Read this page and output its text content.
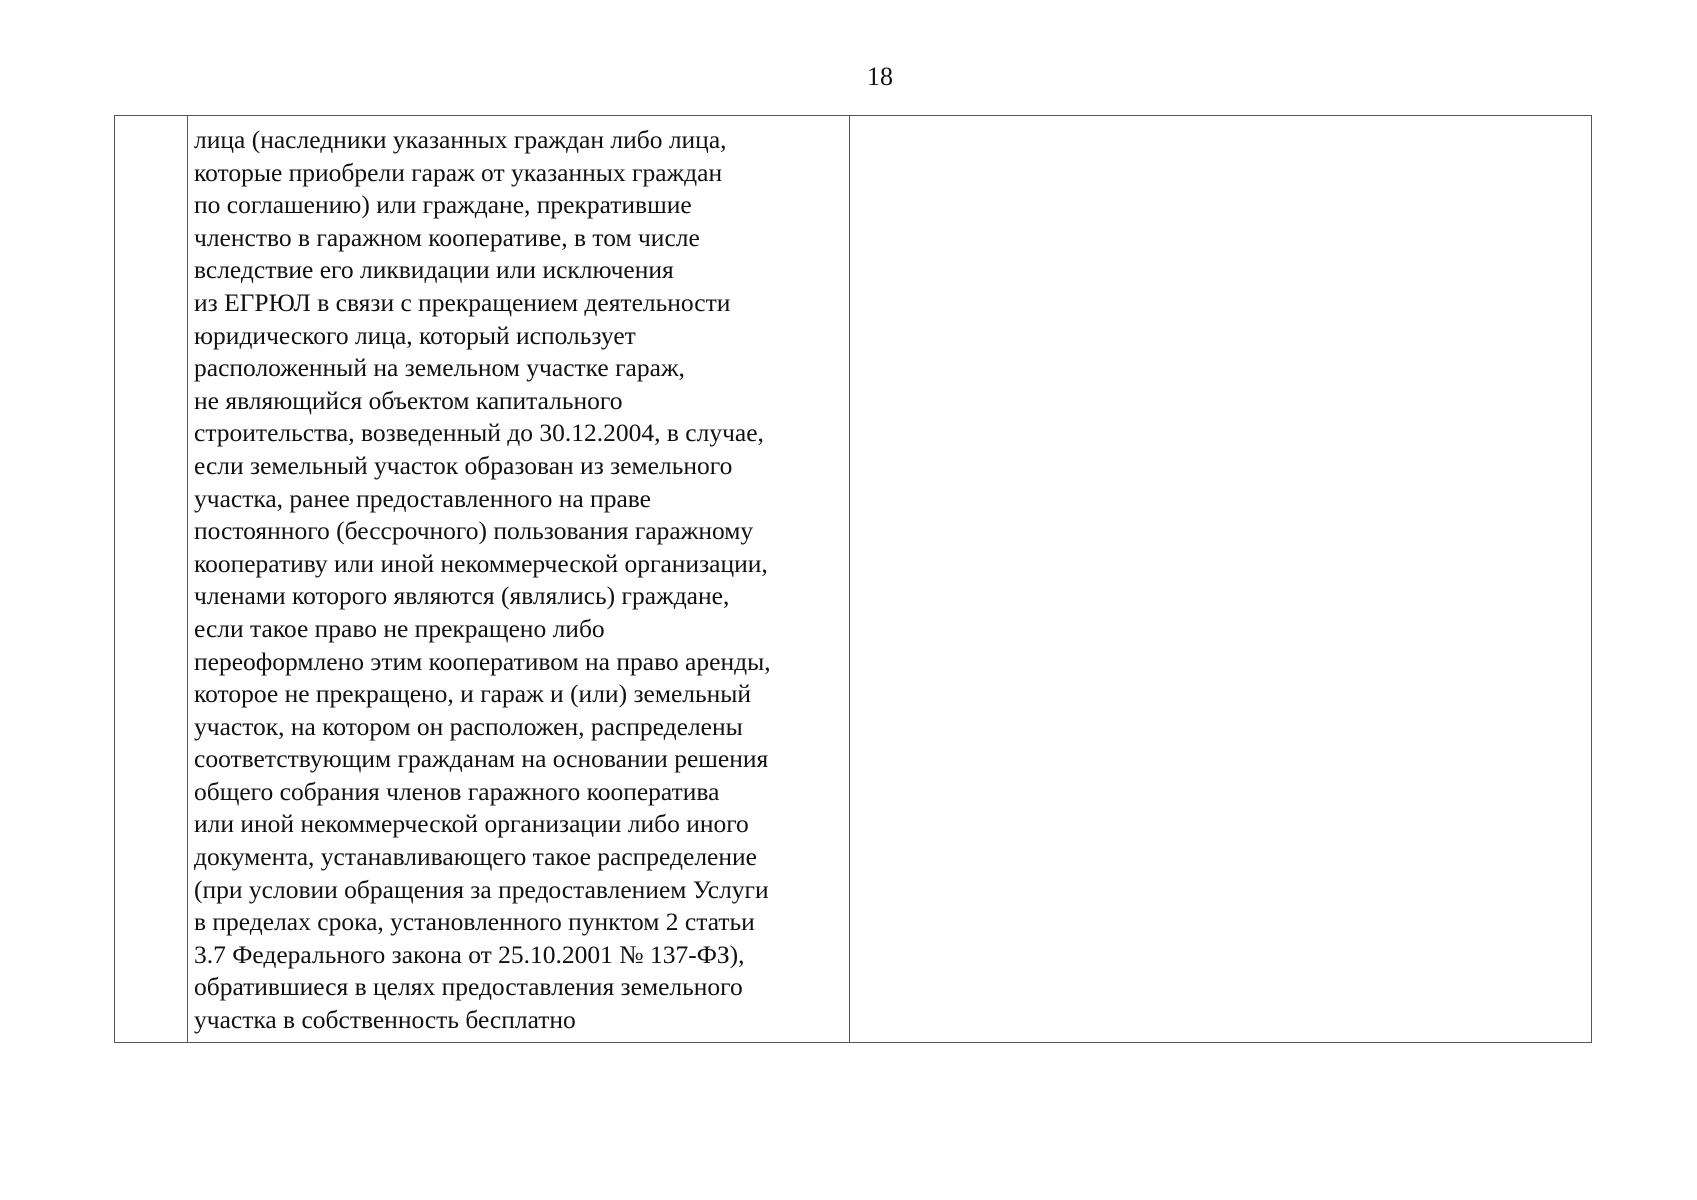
18

лица (наследники указанных граждан либо лица,
которые приобрели гараж от указанных граждан
по соглашению) или граждане, прекратившие
членство в гаражном кооперативе, в том числе
вследствие его ликвидации или исключения
из ЕГРЮЛ в связи с прекращением деятельности
юридического лица, который использует
расположенный на земельном участке гараж,
не являющийся объектом капитального
строительства, возведенный до 30.12.2004, в случае,
если земельный участок образован из земельного
участка, ранее предоставленного на праве
постоянного (бессрочного) пользования гаражному
кооперативу или иной некоммерческой организации,
членами которого являются (являлись) граждане,
если такое право не прекращено либо
переоформлено этим кооперативом на право аренды,
которое не прекращено, и гараж и (или) земельный
участок, на котором он расположен, распределены
соответствующим гражданам на основании решения
общего собрания членов гаражного кооператива
или иной некоммерческой организации либо иного
документа, устанавливающего такое распределение
(при условии обращения за предоставлением Услуги
в пределах срока, установленного пунктом 2 статьи
3.7 Федерального закона от 25.10.2001 № 137-ФЗ),
обратившиеся в целях предоставления земельного
участка в собственность бесплатно
